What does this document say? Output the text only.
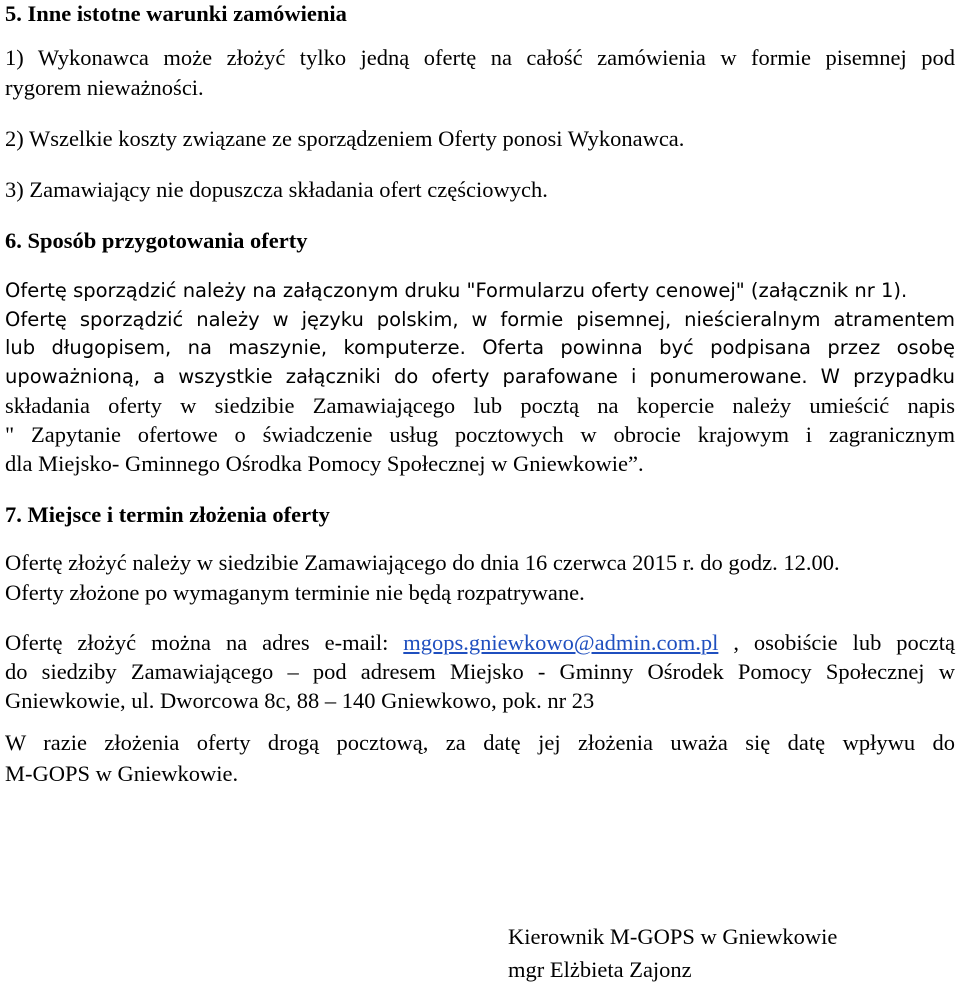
5. Inne istotne warunki zamówienia
1) Wykonawca może złożyć tylko jedną ofertę na całość zamówienia w formie pisemnej pod
rygorem nieważności.
2) Wszelkie koszty związane ze sporządzeniem Oferty ponosi Wykonawca.
3) Zamawiający nie dopuszcza składania ofert częściowych.
6. Sposób przygotowania oferty
Ofertę sporządzić należy na załączonym druku "Formularzu oferty cenowej" (załącznik nr 1).
Ofertę sporządzić należy w języku polskim, w formie pisemnej, nieścieralnym atramentem
lub długopisem, na maszynie, komputerze. Oferta powinna być podpisana przez osobę
upoważnioną, a wszystkie załączniki do oferty parafowane i ponumerowane. W przypadku
składania oferty w siedzibie Zamawiającego lub pocztą na kopercie należy umieścić napis
" Zapytanie ofertowe o świadczenie usług pocztowych w obrocie krajowym i zagranicznym
dla Miejsko- Gminnego Ośrodka Pomocy Społecznej w Gniewkowie”.
7. Miejsce i termin złożenia oferty
Ofertę złożyć należy w siedzibie Zamawiającego do dnia 16 czerwca 2015 r. do godz. 12.00.
Oferty złożone po wymaganym terminie nie będą rozpatrywane.
Ofertę złożyć można na adres e-mail: mgops.gniewkowo@admin.com.pl , osobiście lub pocztą
do siedziby Zamawiającego – pod adresem Miejsko - Gminny Ośrodek Pomocy Społecznej w
Gniewkowie, ul. Dworcowa 8c, 88 – 140 Gniewkowo, pok. nr 23
W razie złożenia oferty drogą pocztową, za datę jej złożenia uważa się datę wpływu do
M-GOPS w Gniewkowie.
Kierownik M-GOPS w Gniewkowie
mgr Elżbieta Zajonz
